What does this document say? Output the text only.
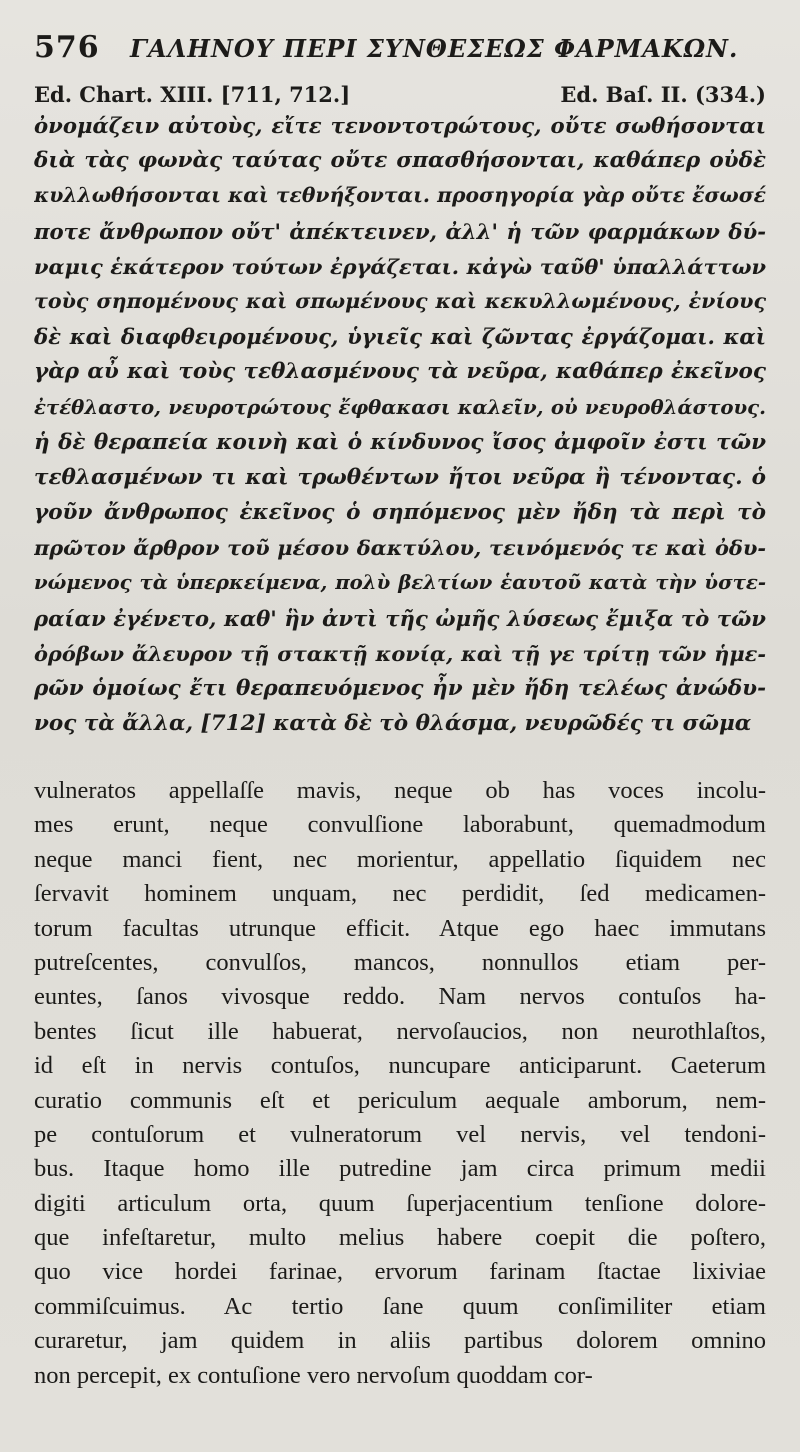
576 ΓΑΛΗΝΟΥ ΠΕΡΙ ΣΥΝΘΕΣΕΩΣ ΦΑΡΜΑΚΩΝ.
Ed. Chart. XIII. [711, 712.]	Ed. Baſ. II. (334.)
ὀνομάζειν αὐτοὺς, εἴτε τενοντοτρώτους, οὔτε σωθήσονται
διὰ τὰς φωνὰς ταύτας οὔτε σπασθήσονται, καθάπερ οὐδὲ
κυλλωθήσονται καὶ τεθνήξονται. προσηγορία γὰρ οὔτε ἔσωσέ
ποτε ἄνθρωπον οὔτ' ἀπέκτεινεν, ἀλλ' ἡ τῶν φαρμάκων δύ-
ναμις ἑκάτερον τούτων ἐργάζεται. κἀγὼ ταῦθ' ὑπαλλάττων
τοὺς σηπομένους καὶ σπωμένους καὶ κεκυλλωμένους, ἐνίους
δὲ καὶ διαφθειρομένους, ὑγιεῖς καὶ ζῶντας ἐργάζομαι. καὶ
γὰρ αὖ καὶ τοὺς τεθλασμένους τὰ νεῦρα, καθάπερ ἐκεῖνος
ἐτέθλαστο, νευροτρώτους ἔφθακασι καλεῖν, οὐ νευροθλάστους.
ἡ δὲ θεραπεία κοινὴ καὶ ὁ κίνδυνος ἴσος ἀμφοῖν ἐστι τῶν
τεθλασμένων τι καὶ τρωθέντων ἤτοι νεῦρα ἢ τένοντας. ὁ
γοῦν ἄνθρωπος ἐκεῖνος ὁ σηπόμενος μὲν ἤδη τὰ περὶ τὸ
πρῶτον ἄρθρον τοῦ μέσου δακτύλου, τεινόμενός τε καὶ ὀδυ-
νώμενος τὰ ὑπερκείμενα, πολὺ βελτίων ἑαυτοῦ κατὰ τὴν ὑστε-
ραίαν ἐγένετο, καθ' ἣν ἀντὶ τῆς ὠμῆς λύσεως ἔμιξα τὸ τῶν
ὀρόβων ἄλευρον τῇ στακτῇ κονίᾳ, καὶ τῇ γε τρίτῃ τῶν ἡμε-
ρῶν ὁμοίως ἔτι θεραπευόμενος ἦν μὲν ἤδη τελέως ἀνώδυ-
νος τὰ ἄλλα, [712] κατὰ δὲ τὸ θλάσμα, νευρῶδές τι σῶμα
vulneratos appellaſſe mavis, neque ob has voces incolu-
mes erunt, neque convulſione laborabunt, quemadmodum
neque manci fient, nec morientur, appellatio ſiquidem nec
ſervavit hominem unquam, nec perdidit, ſed medicamen-
torum facultas utrunque efficit. Atque ego haec immutans
putreſcentes, convulſos, mancos, nonnullos etiam per-
euntes, ſanos vivosque reddo. Nam nervos contuſos ha-
bentes ſicut ille habuerat, nervoſaucios, non neurothlaſtos,
id eſt in nervis contuſos, nuncupare anticiparunt. Caeterum
curatio communis eſt et periculum aequale amborum, nem-
pe contuſorum et vulneratorum vel nervis, vel tendoni-
bus. Itaque homo ille putredine jam circa primum medii
digiti articulum orta, quum ſuperjacentium tenſione dolore-
que infeſtaretur, multo melius habere coepit die poſtero,
quo vice hordei farinae, ervorum farinam ſtactae lixiviae
commiſcuimus. Ac tertio ſane quum conſimiliter etiam
curaretur, jam quidem in aliis partibus dolorem omnino
non percepit, ex contuſione vero nervoſum quoddam cor-
